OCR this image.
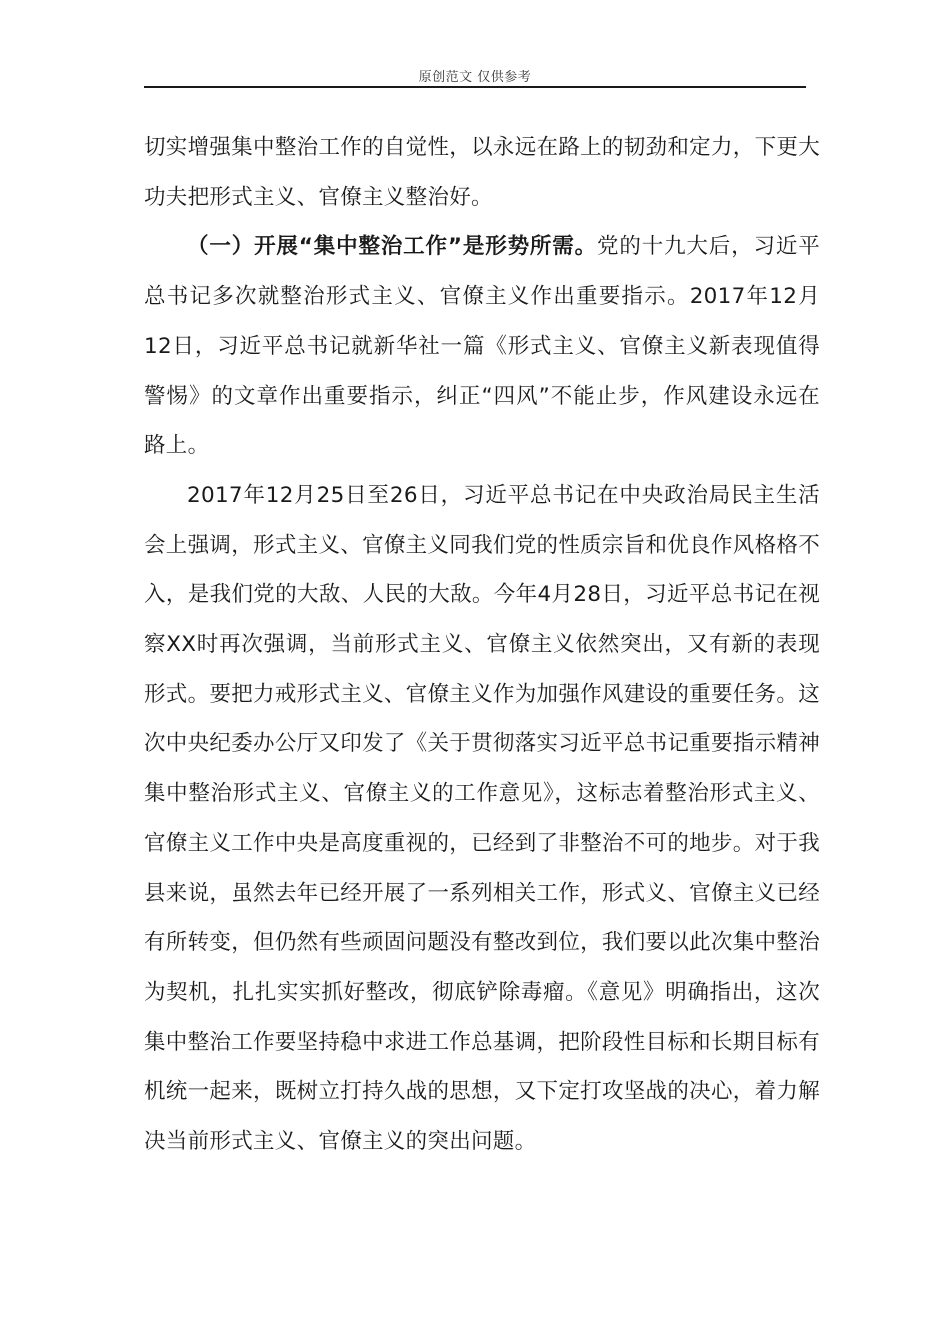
原创范文 仅供参考

切实增强集中整治工作的自觉性，以永远在路上的韧劲和定力，下更大功夫把形式主义、官僚主义整治好。

（一）开展“集中整治工作”是形势所需。党的十九大后，习近平总书记多次就整治形式主义、官僚主义作出重要指示。2017年12月12日，习近平总书记就新华社一篇《形式主义、官僚主义新表现值得警惕》的文章作出重要指示，纠正“四风”不能止步，作风建设永远在路上。

2017年12月25日至26日，习近平总书记在中央政治局民主生活会上强调，形式主义、官僚主义同我们党的性质宗旨和优良作风格格不入，是我们党的大敌、人民的大敌。今年4月28日，习近平总书记在视察XX时再次强调，当前形式主义、官僚主义依然突出，又有新的表现形式。要把力戒形式主义、官僚主义作为加强作风建设的重要任务。这次中央纪委办公厅又印发了《关于贯彻落实习近平总书记重要指示精神集中整治形式主义、官僚主义的工作意见》，这标志着整治形式主义、官僚主义工作中央是高度重视的，已经到了非整治不可的地步。对于我县来说，虽然去年已经开展了一系列相关工作，形式义、官僚主义已经有所转变，但仍然有些顽固问题没有整改到位，我们要以此次集中整治为契机，扎扎实实抓好整改，彻底铲除毒瘤。《意见》明确指出，这次集中整治工作要坚持稳中求进工作总基调，把阶段性目标和长期目标有机统一起来，既树立打持久战的思想，又下定打攻坚战的决心，着力解决当前形式主义、官僚主义的突出问题。
